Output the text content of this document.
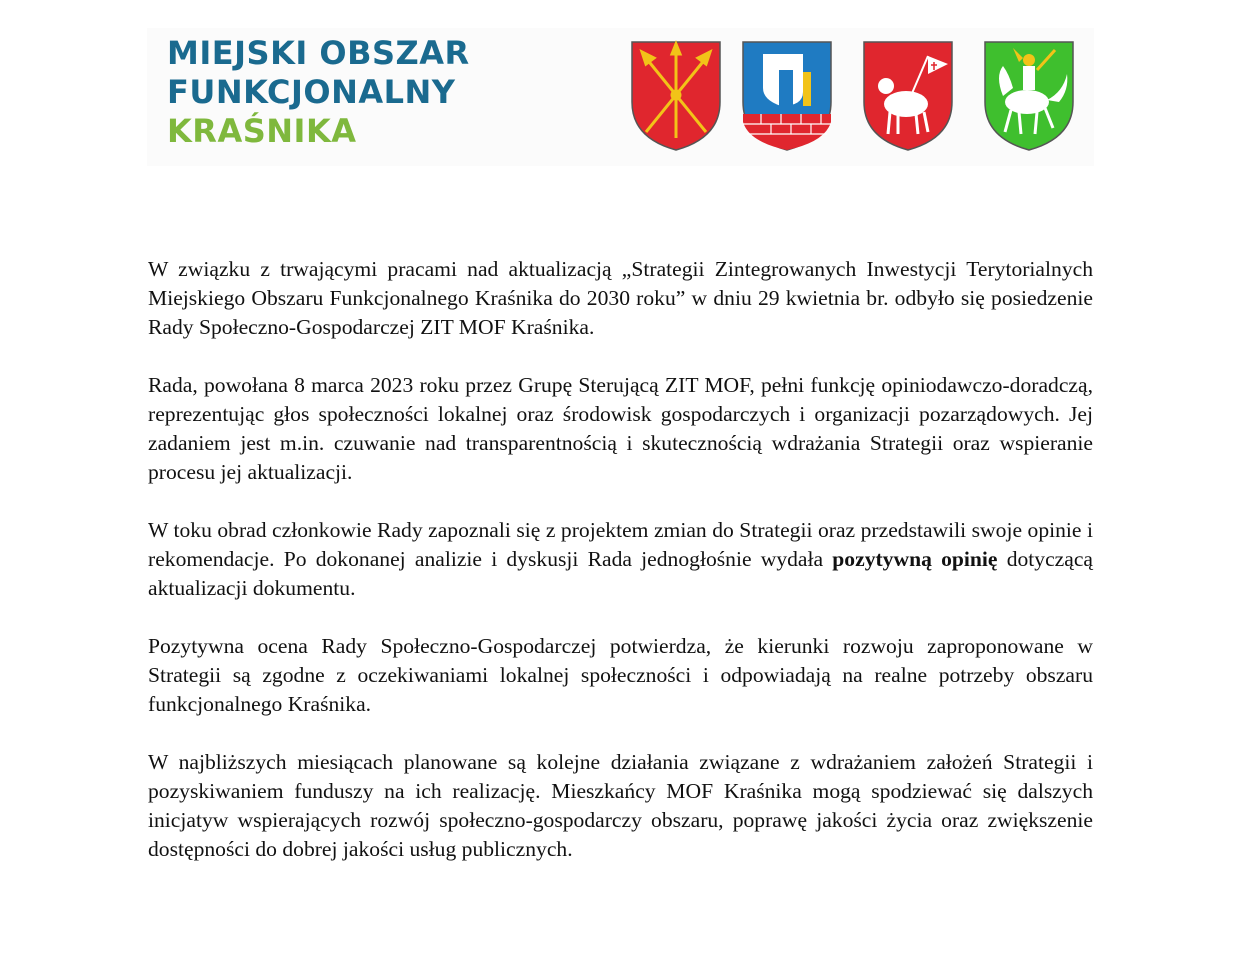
MIEJSKI OBSZAR
FUNKCJONALNY
KRAŚNIKA

W związku z trwającymi pracami nad aktualizacją „Strategii Zintegrowanych Inwestycji Terytorialnych Miejskiego Obszaru Funkcjonalnego Kraśnika do 2030 roku” w dniu 29 kwietnia br. odbyło się posiedzenie Rady Społeczno-Gospodarczej ZIT MOF Kraśnika.

Rada, powołana 8 marca 2023 roku przez Grupę Sterującą ZIT MOF, pełni funkcję opiniodawczo-doradczą, reprezentując głos społeczności lokalnej oraz środowisk gospodarczych i organizacji pozarządowych. Jej zadaniem jest m.in. czuwanie nad transparentnością i skutecznością wdrażania Strategii oraz wspieranie procesu jej aktualizacji.

W toku obrad członkowie Rady zapoznali się z projektem zmian do Strategii oraz przedstawili swoje opinie i rekomendacje. Po dokonanej analizie i dyskusji Rada jednogłośnie wydała pozytywną opinię dotyczącą aktualizacji dokumentu.

Pozytywna ocena Rady Społeczno-Gospodarczej potwierdza, że kierunki rozwoju zaproponowane w Strategii są zgodne z oczekiwaniami lokalnej społeczności i odpowiadają na realne potrzeby obszaru funkcjonalnego Kraśnika.

W najbliższych miesiącach planowane są kolejne działania związane z wdrażaniem założeń Strategii i pozyskiwaniem funduszy na ich realizację. Mieszkańcy MOF Kraśnika mogą spodziewać się dalszych inicjatyw wspierających rozwój społeczno-gospodarczy obszaru, poprawę jakości życia oraz zwiększenie dostępności do dobrej jakości usług publicznych.
